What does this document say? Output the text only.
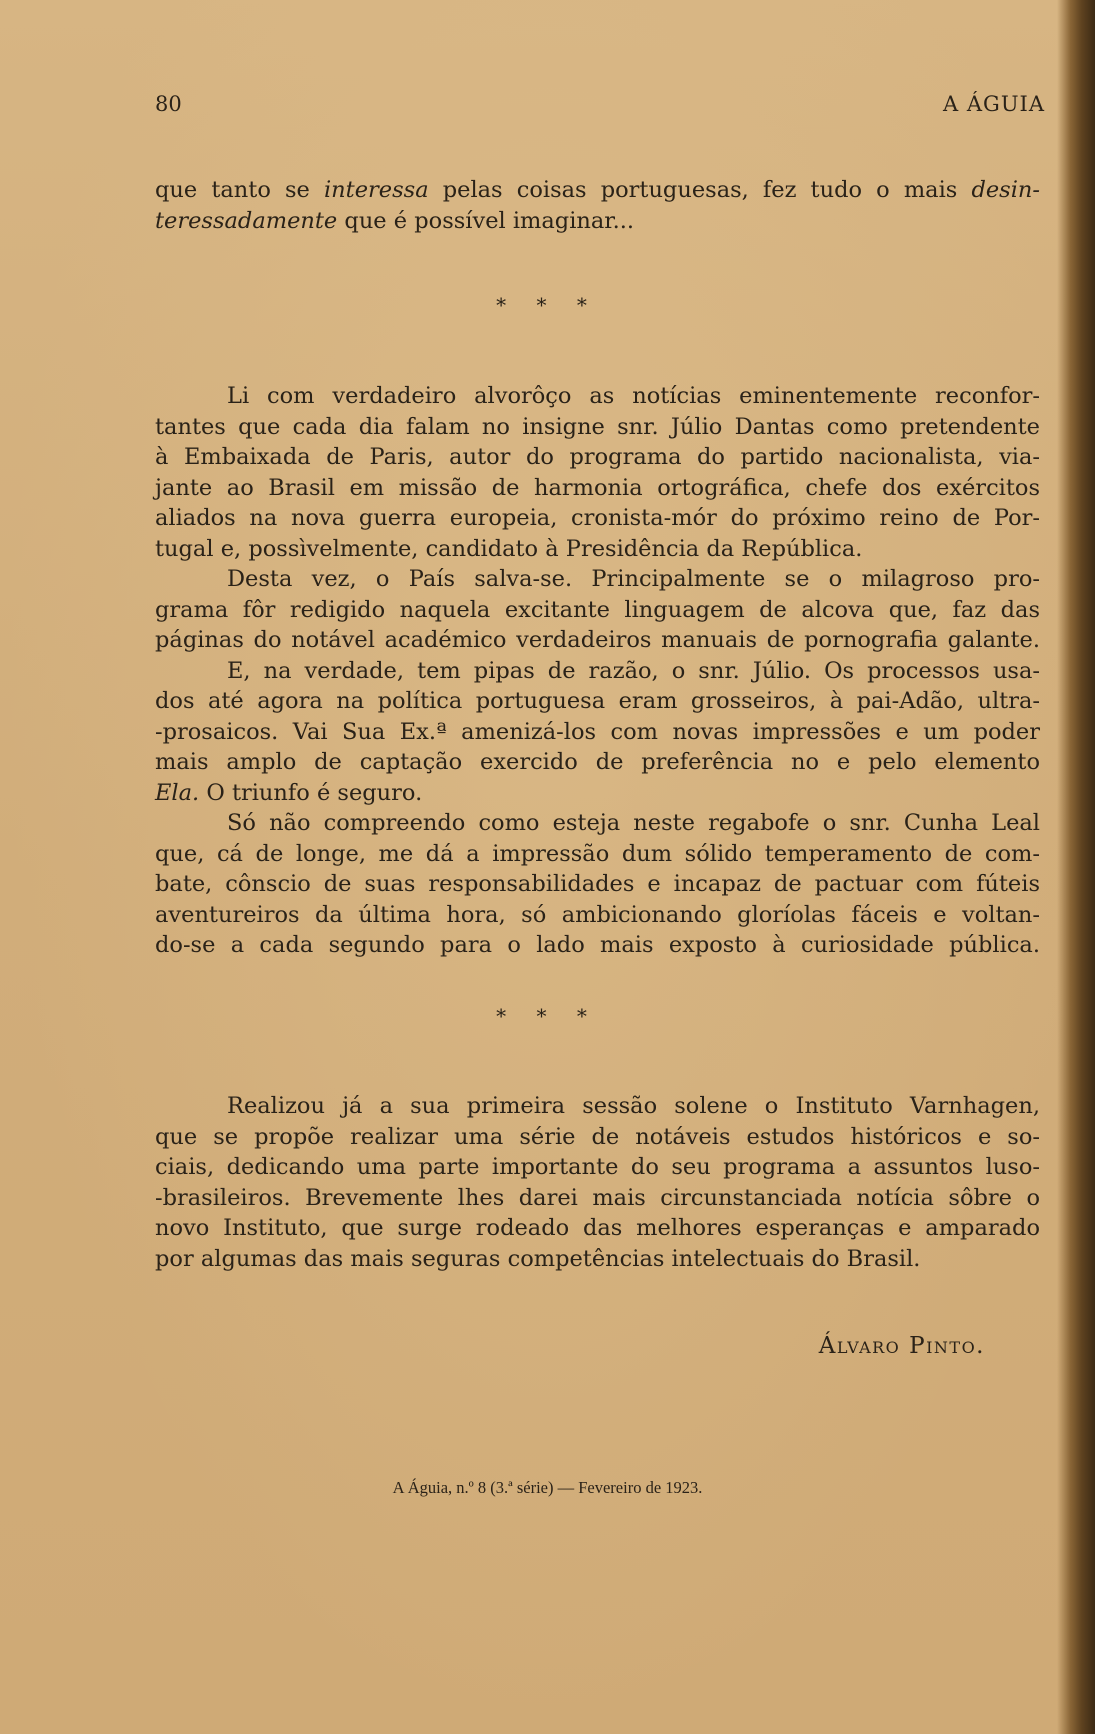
80	A ÁGUIA
que tanto se interessa pelas coisas portuguesas, fez tudo o mais desin-
teressadamente que é possível imaginar...
* * *
Li com verdadeiro alvorôço as notícias eminentemente reconfor-
tantes que cada dia falam no insigne snr. Júlio Dantas como pretendente
à Embaixada de Paris, autor do programa do partido nacionalista, via-
jante ao Brasil em missão de harmonia ortográfica, chefe dos exércitos
aliados na nova guerra europeia, cronista-mór do próximo reino de Por-
tugal e, possìvelmente, candidato à Presidência da República.
Desta vez, o País salva-se. Principalmente se o milagroso pro-
grama fôr redigido naquela excitante linguagem de alcova que, faz das
páginas do notável académico verdadeiros manuais de pornografia galante.
E, na verdade, tem pipas de razão, o snr. Júlio. Os processos usa-
dos até agora na política portuguesa eram grosseiros, à pai-Adão, ultra-
-prosaicos. Vai Sua Ex.ª amenizá-los com novas impressões e um poder
mais amplo de captação exercido de preferência no e pelo elemento
Ela. O triunfo é seguro.
Só não compreendo como esteja neste regabofe o snr. Cunha Leal
que, cá de longe, me dá a impressão dum sólido temperamento de com-
bate, cônscio de suas responsabilidades e incapaz de pactuar com fúteis
aventureiros da última hora, só ambicionando gloríolas fáceis e voltan-
do-se a cada segundo para o lado mais exposto à curiosidade pública.
* * *
Realizou já a sua primeira sessão solene o Instituto Varnhagen,
que se propõe realizar uma série de notáveis estudos históricos e so-
ciais, dedicando uma parte importante do seu programa a assuntos luso-
-brasileiros. Brevemente lhes darei mais circunstanciada notícia sôbre o
novo Instituto, que surge rodeado das melhores esperanças e amparado
por algumas das mais seguras competências intelectuais do Brasil.
Álvaro Pinto.
A Águia, n.º 8 (3.ª série) — Fevereiro de 1923.
